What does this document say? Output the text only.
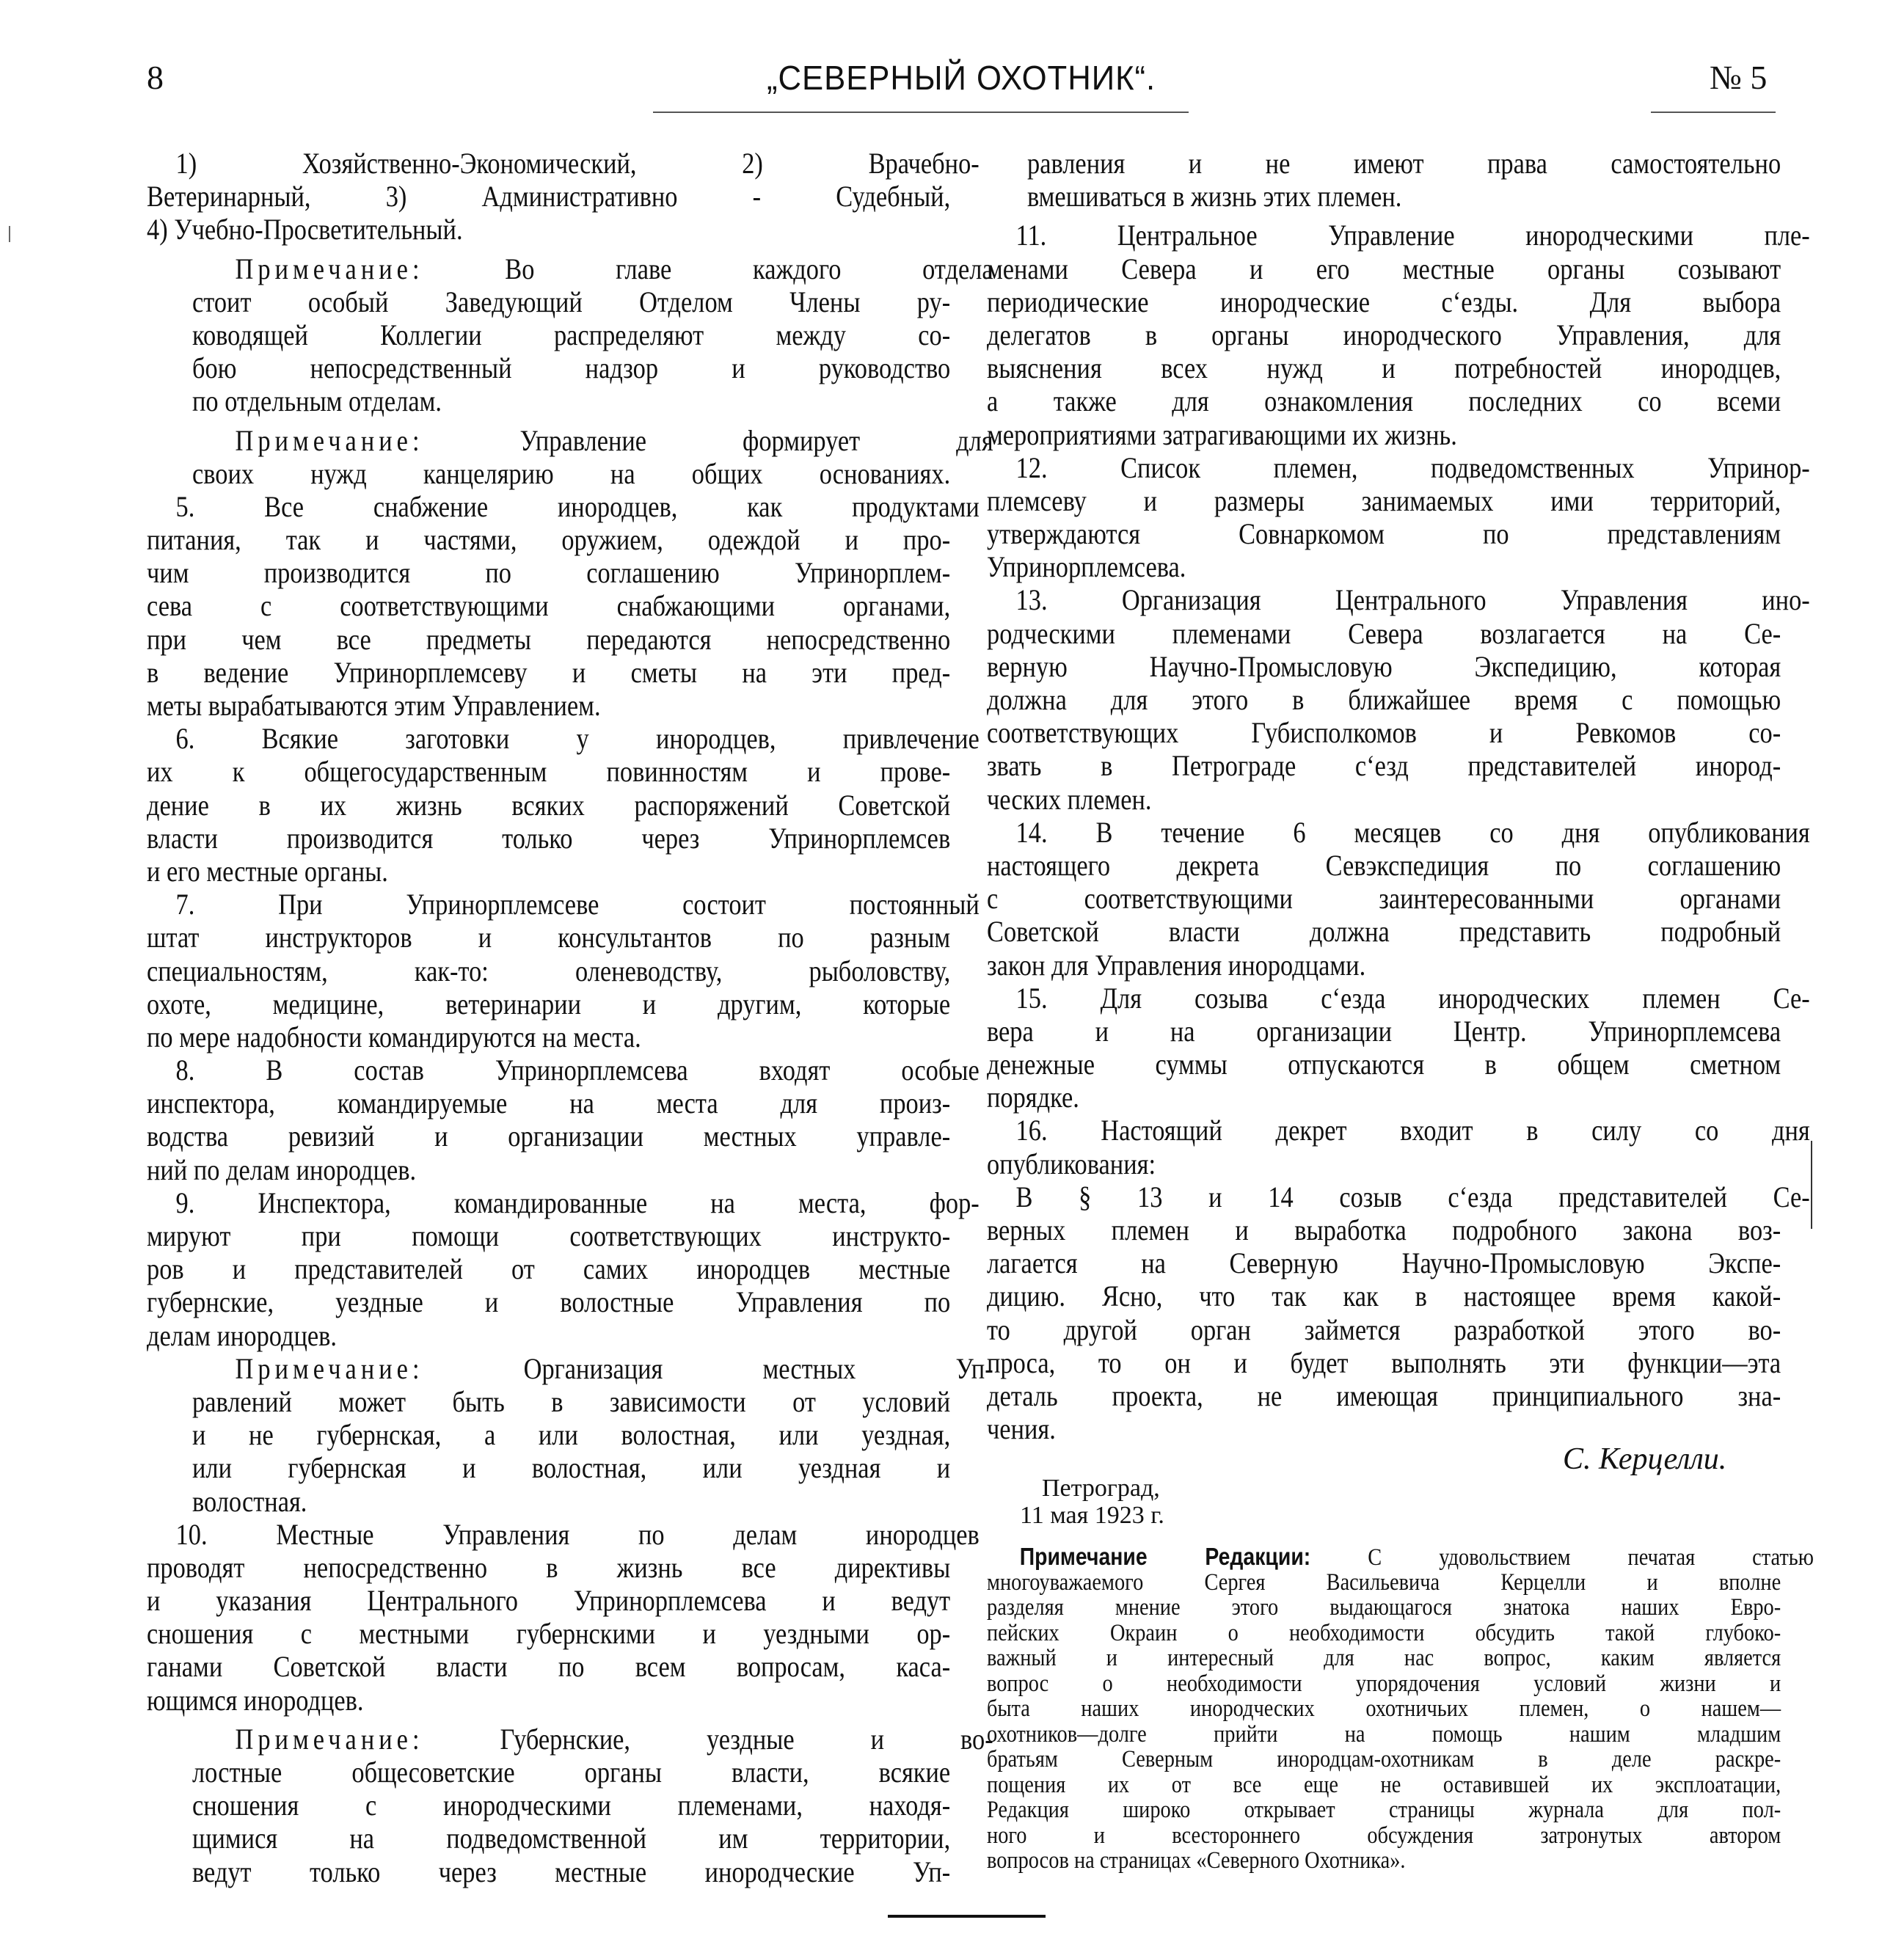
8	„СЕВЕРНЫЙ ОХОТНИК“.	№ 5
1) Хозяйственно-Экономический, 2) Врачебно-
Ветеринарный, 3) Административно - Судебный,
4) Учебно-Просветительный.
Примечание: Во главе каждого отдела
стоит особый Заведующий Отделом Члены ру-
ководящей Коллегии распределяют между со-
бою непосредственный надзор и руководство
по отдельным отделам.
Примечание: Управление формирует для
своих нужд канцелярию на общих основаниях.
5. Все снабжение инородцев, как продуктами
питания, так и частями, оружием, одеждой и про-
чим производится по соглашению Упринорплем-
сева с соответствующими снабжающими органами,
при чем все предметы передаются непосредственно
в ведение Упринорплемсеву и сметы на эти пред-
меты вырабатываются этим Управлением.
6. Всякие заготовки у инородцев, привлечение
их к общегосударственным повинностям и прове-
дение в их жизнь всяких распоряжений Советской
власти производится только через Упринорплемсев
и его местные органы.
7. При Упринорплемсеве состоит постоянный
штат инструкторов и консультантов по разным
специальностям, как-то: оленеводству, рыболовству,
охоте, медицине, ветеринарии и другим, которые
по мере надобности командируются на места.
8. В состав Упринорплемсева входят особые
инспектора, командируемые на места для произ-
водства ревизий и организации местных управле-
ний по делам инородцев.
9. Инспектора, командированные на места, фор-
мируют при помощи соответствующих инструкто-
ров и представителей от самих инородцев местные
губернские, уездные и волостные Управления по
делам инородцев.
Примечание: Организация местных Уп-
равлений может быть в зависимости от условий
и не губернская, а или волостная, или уездная,
или губернская и волостная, или уездная и
волостная.
10. Местные Управления по делам инородцев
проводят непосредственно в жизнь все директивы
и указания Центрального Упринорплемсева и ведут
сношения с местными губернскими и уездными ор-
ганами Советской власти по всем вопросам, каса-
ющимся инородцев.
Примечание: Губернские, уездные и во-
лостные общесоветские органы власти, всякие
сношения с инородческими племенами, находя-
щимися на подведомственной им территории,
ведут только через местные инородческие Уп-
равления и не имеют права самостоятельно
вмешиваться в жизнь этих племен.
11. Центральное Управление инородческими пле-
менами Севера и его местные органы созывают
периодические инородческие с‘езды. Для выбора
делегатов в органы инородческого Управления, для
выяснения всех нужд и потребностей инородцев,
а также для ознакомления последних со всеми
мероприятиями затрагивающими их жизнь.
12. Список племен, подведомственных Упринор-
племсеву и размеры занимаемых ими территорий,
утверждаются Совнаркомом по представлениям
Упринорплемсева.
13. Организация Центрального Управления ино-
родческими племенами Севера возлагается на Се-
верную Научно-Промысловую Экспедицию, которая
должна для этого в ближайшее время с помощью
соответствующих Губисполкомов и Ревкомов со-
звать в Петрограде с‘езд представителей инород-
ческих племен.
14. В течение 6 месяцев со дня опубликования
настоящего декрета Севэкспедиция по соглашению
с соответствующими заинтересованными органами
Советской власти должна представить подробный
закон для Управления инородцами.
15. Для созыва с‘езда инородческих племен Се-
вера и на организации Центр. Упринорплемсева
денежные суммы отпускаются в общем сметном
порядке.
16. Настоящий декрет входит в силу со дня
опубликования:
В § 13 и 14 созыв с‘езда представителей Се-
верных племен и выработка подробного закона воз-
лагается на Северную Научно-Промысловую Экспе-
дицию. Ясно, что так как в настоящее время какой-
то другой орган займется разработкой этого во-
проса, то он и будет выполнять эти функции—эта
деталь проекта, не имеющая принципиального зна-
чения.
С. Керцелли.
Петроград,
11 мая 1923 г.
Примечание Редакции: С удовольствием печатая статью
многоуважаемого Сергея Васильевича Керцелли и вполне
разделяя мнение этого выдающагося знатока наших Евро-
пейских Окраин о необходимости обсудить такой глубоко-
важный и интересный для нас вопрос, каким является
вопрос о необходимости упорядочения условий жизни и
быта наших инородческих охотничьих племен, о нашем—
охотников—долге прийти на помощь нашим младшим
братьям Северным инородцам-охотникам в деле раскре-
пощения их от все еще не оставившей их эксплоатации,
Редакция широко открывает страницы журнала для пол-
ного и всестороннего обсуждения затронутых автором
вопросов на страницах «Северного Охотника».
